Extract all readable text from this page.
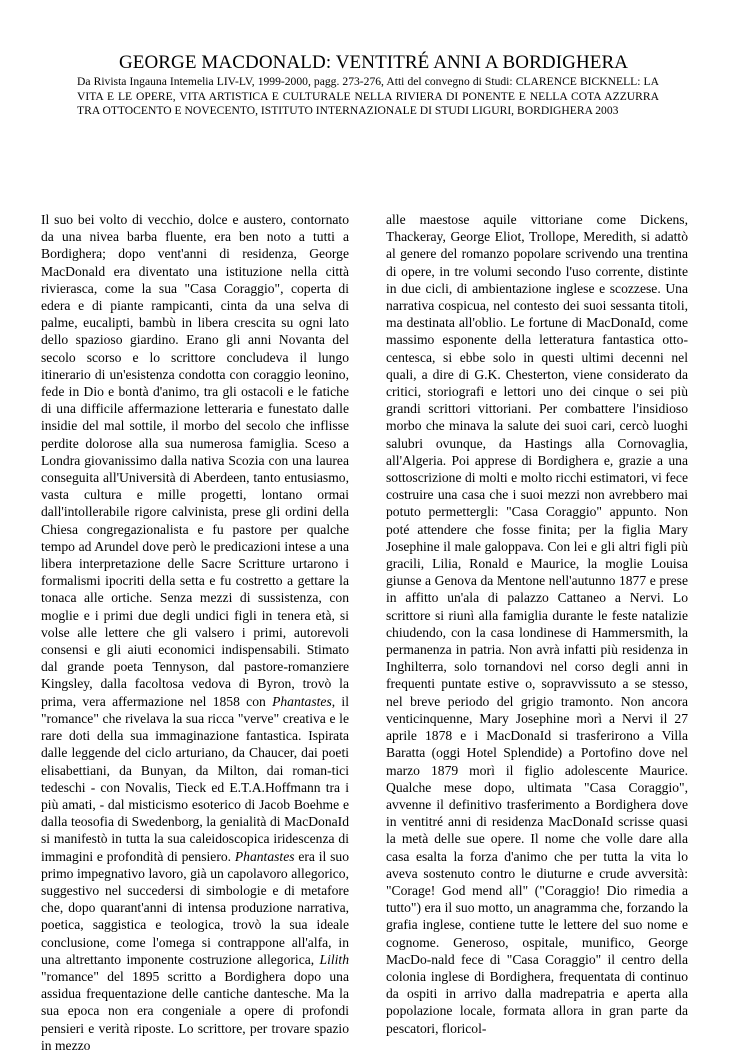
GEORGE MACDONALD: VENTITRÉ ANNI A BORDIGHERA

Da Rivista Ingauna Intemelia LIV-LV, 1999-2000, pagg. 273-276, Atti del convegno di Studi: CLARENCE BICKNELL: LA VITA E LE OPERE, VITA ARTISTICA E CULTURALE NELLA RIVIERA DI PONENTE E NELLA COTA AZZURRA TRA OTTOCENTO E NOVECENTO, ISTITUTO INTERNAZIONALE DI STUDI LIGURI, BORDIGHERA 2003

Il suo bei volto di vecchio, dolce e austero, contornato da una nivea barba fluente, era ben noto a tutti a Bordighera; dopo vent'anni di residenza, George MacDonald era diventato una istituzione nella città rivierasca, come la sua "Casa Coraggio", coperta di edera e di piante rampicanti, cinta da una selva di palme, eucalipti, bambù in libera crescita su ogni lato dello spazioso giardino. Erano gli anni Novanta del secolo scorso e lo scrittore concludeva il lungo itinerario di un'esistenza condotta con coraggio leonino, fede in Dio e bontà d'animo, tra gli ostacoli e le fatiche di una difficile affermazione letteraria e funestato dalle insidie del mal sottile, il morbo del secolo che inflisse perdite dolorose alla sua numerosa famiglia. Sceso a Londra giovanissimo dalla nativa Scozia con una laurea conseguita all'Università di Aberdeen, tanto entusiasmo, vasta cultura e mille progetti, lontano ormai dall'intollerabile rigore calvinista, prese gli ordini della Chiesa congregazionalista e fu pastore per qualche tempo ad Arundel dove però le predicazioni intese a una libera interpretazione delle Sacre Scritture urtarono i formalismi ipocriti della setta e fu costretto a gettare la tonaca alle ortiche. Senza mezzi di sussistenza, con moglie e i primi due degli undici figli in tenera età, si volse alle lettere che gli valsero i primi, autorevoli consensi e gli aiuti economici indispensabili. Stimato dal grande poeta Tennyson, dal pastore-romanziere Kingsley, dalla facoltosa vedova di Byron, trovò la prima, vera affermazione nel 1858 con Phantastes, il "romance" che rivelava la sua ricca "verve" creativa e le rare doti della sua immaginazione fantastica. Ispirata dalle leggende del ciclo arturiano, da Chaucer, dai poeti elisabettiani, da Bunyan, da Milton, dai roman-tici tedeschi - con Novalis, Tieck ed E.T.A.Hoffmann tra i più amati, - dal misticismo esoterico di Jacob Boehme e dalla teosofia di Swedenborg, la genialità di MacDonaId si manifestò in tutta la sua caleidoscopica iridescenza di immagini e profondità di pensiero. Phantastes era il suo primo impegnativo lavoro, già un capolavoro allegorico, suggestivo nel succedersi di simbologie e di metafore che, dopo quarant'anni di intensa produzione narrativa, poetica, saggistica e teologica, trovò la sua ideale conclusione, come l'omega si contrappone all'alfa, in una altrettanto imponente costruzione allegorica, Lilith "romance" del 1895 scritto a Bordighera dopo una assidua frequentazione delle cantiche dantesche. Ma la sua epoca non era congeniale a opere di profondi pensieri e verità riposte. Lo scrittore, per trovare spazio in mezzo

alle maestose aquile vittoriane come Dickens, Thackeray, George Eliot, Trollope, Meredith, si adattò al genere del romanzo popolare scrivendo una trentina di opere, in tre volumi secondo l'uso corrente, distinte in due cicli, di ambientazione inglese e scozzese. Una narrativa cospicua, nel contesto dei suoi sessanta titoli, ma destinata all'oblio. Le fortune di MacDonaId, come massimo esponente della letteratura fantastica otto-centesca, si ebbe solo in questi ultimi decenni nel quali, a dire di G.K. Chesterton, viene considerato da critici, storiografi e lettori uno dei cinque o sei più grandi scrittori vittoriani. Per combattere l'insidioso morbo che minava la salute dei suoi cari, cercò luoghi salubri ovunque, da Hastings alla Cornovaglia, all'Algeria. Poi apprese di Bordighera e, grazie a una sottoscrizione di molti e molto ricchi estimatori, vi fece costruire una casa che i suoi mezzi non avrebbero mai potuto permettergli: "Casa Coraggio" appunto. Non poté attendere che fosse finita; per la figlia Mary Josephine il male galoppava. Con lei e gli altri figli più gracili, Lilia, Ronald e Maurice, la moglie Louisa giunse a Genova da Mentone nell'autunno 1877 e prese in affitto un'ala di palazzo Cattaneo a Nervi. Lo scrittore si riunì alla famiglia durante le feste natalizie chiudendo, con la casa londinese di Hammersmith, la permanenza in patria. Non avrà infatti più residenza in Inghilterra, solo tornandovi nel corso degli anni in frequenti puntate estive o, sopravvissuto a se stesso, nel breve periodo del grigio tramonto. Non ancora venticinquenne, Mary Josephine morì a Nervi il 27 aprile 1878 e i MacDonaId si trasferirono a Villa Baratta (oggi Hotel Splendide) a Portofino dove nel marzo 1879 morì il figlio adolescente Maurice. Qualche mese dopo, ultimata "Casa Coraggio", avvenne il definitivo trasferimento a Bordighera dove in ventitré anni di residenza MacDonaId scrisse quasi la metà delle sue opere. Il nome che volle dare alla casa esalta la forza d'animo che per tutta la vita lo aveva sostenuto contro le diuturne e crude avversità: "Corage! God mend all" ("Coraggio! Dio rimedia a tutto") era il suo motto, un anagramma che, forzando la grafia inglese, contiene tutte le lettere del suo nome e cognome. Generoso, ospitale, munifico, George MacDo-nald fece di "Casa Coraggio" il centro della colonia inglese di Bordighera, frequentata di continuo da ospiti in arrivo dalla madrepatria e aperta alla popolazione locale, formata allora in gran parte da pescatori, floricol-
